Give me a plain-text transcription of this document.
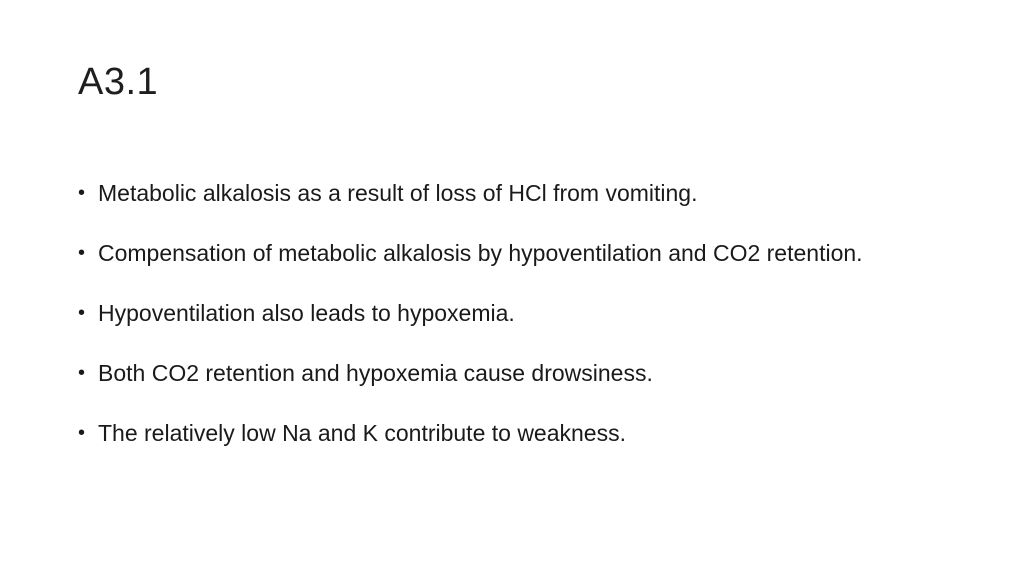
A3.1
• Metabolic alkalosis as a result of loss of HCl from vomiting.
• Compensation of metabolic alkalosis by hypoventilation and CO2 retention.
• Hypoventilation also leads to hypoxemia.
• Both CO2 retention and hypoxemia cause drowsiness.
• The relatively low Na and K contribute to weakness.
